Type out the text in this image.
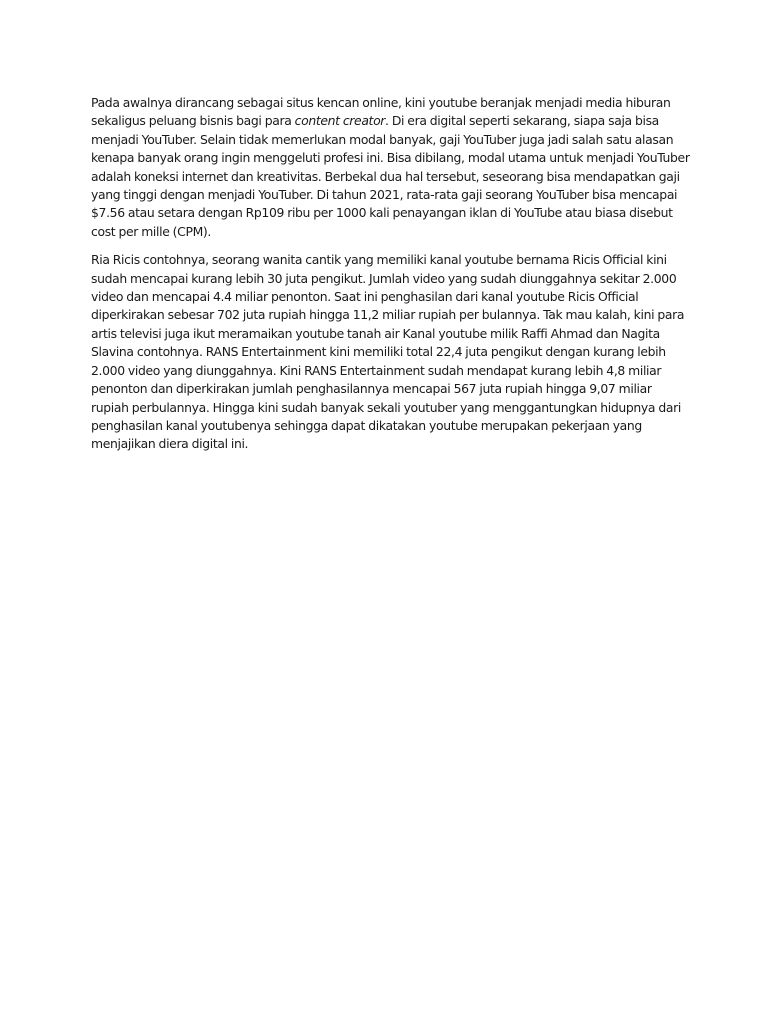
Pada awalnya dirancang sebagai situs kencan online, kini youtube beranjak menjadi media hiburan sekaligus peluang bisnis bagi para content creator. Di era digital seperti sekarang, siapa saja bisa menjadi YouTuber. Selain tidak memerlukan modal banyak, gaji YouTuber juga jadi salah satu alasan kenapa banyak orang ingin menggeluti profesi ini. Bisa dibilang, modal utama untuk menjadi YouTuber adalah koneksi internet dan kreativitas. Berbekal dua hal tersebut, seseorang bisa mendapatkan gaji yang tinggi dengan menjadi YouTuber. Di tahun 2021, rata-rata gaji seorang YouTuber bisa mencapai $7.56 atau setara dengan Rp109 ribu per 1000 kali penayangan iklan di YouTube atau biasa disebut cost per mille (CPM).

Ria Ricis contohnya, seorang wanita cantik yang memiliki kanal youtube bernama Ricis Official kini sudah mencapai kurang lebih 30 juta pengikut. Jumlah video yang sudah diunggahnya sekitar 2.000 video dan mencapai 4.4 miliar penonton. Saat ini penghasilan dari kanal youtube Ricis Official diperkirakan sebesar 702 juta rupiah hingga 11,2 miliar rupiah per bulannya. Tak mau kalah, kini para artis televisi juga ikut meramaikan youtube tanah air Kanal youtube milik Raffi Ahmad dan Nagita Slavina contohnya. RANS Entertainment kini memiliki total 22,4 juta pengikut dengan kurang lebih 2.000 video yang diunggahnya. Kini RANS Entertainment sudah mendapat kurang lebih 4,8 miliar penonton dan diperkirakan jumlah penghasilannya mencapai 567 juta rupiah hingga 9,07 miliar rupiah perbulannya. Hingga kini sudah banyak sekali youtuber yang menggantungkan hidupnya dari penghasilan kanal youtubenya sehingga dapat dikatakan youtube merupakan pekerjaan yang menjajikan diera digital ini.
